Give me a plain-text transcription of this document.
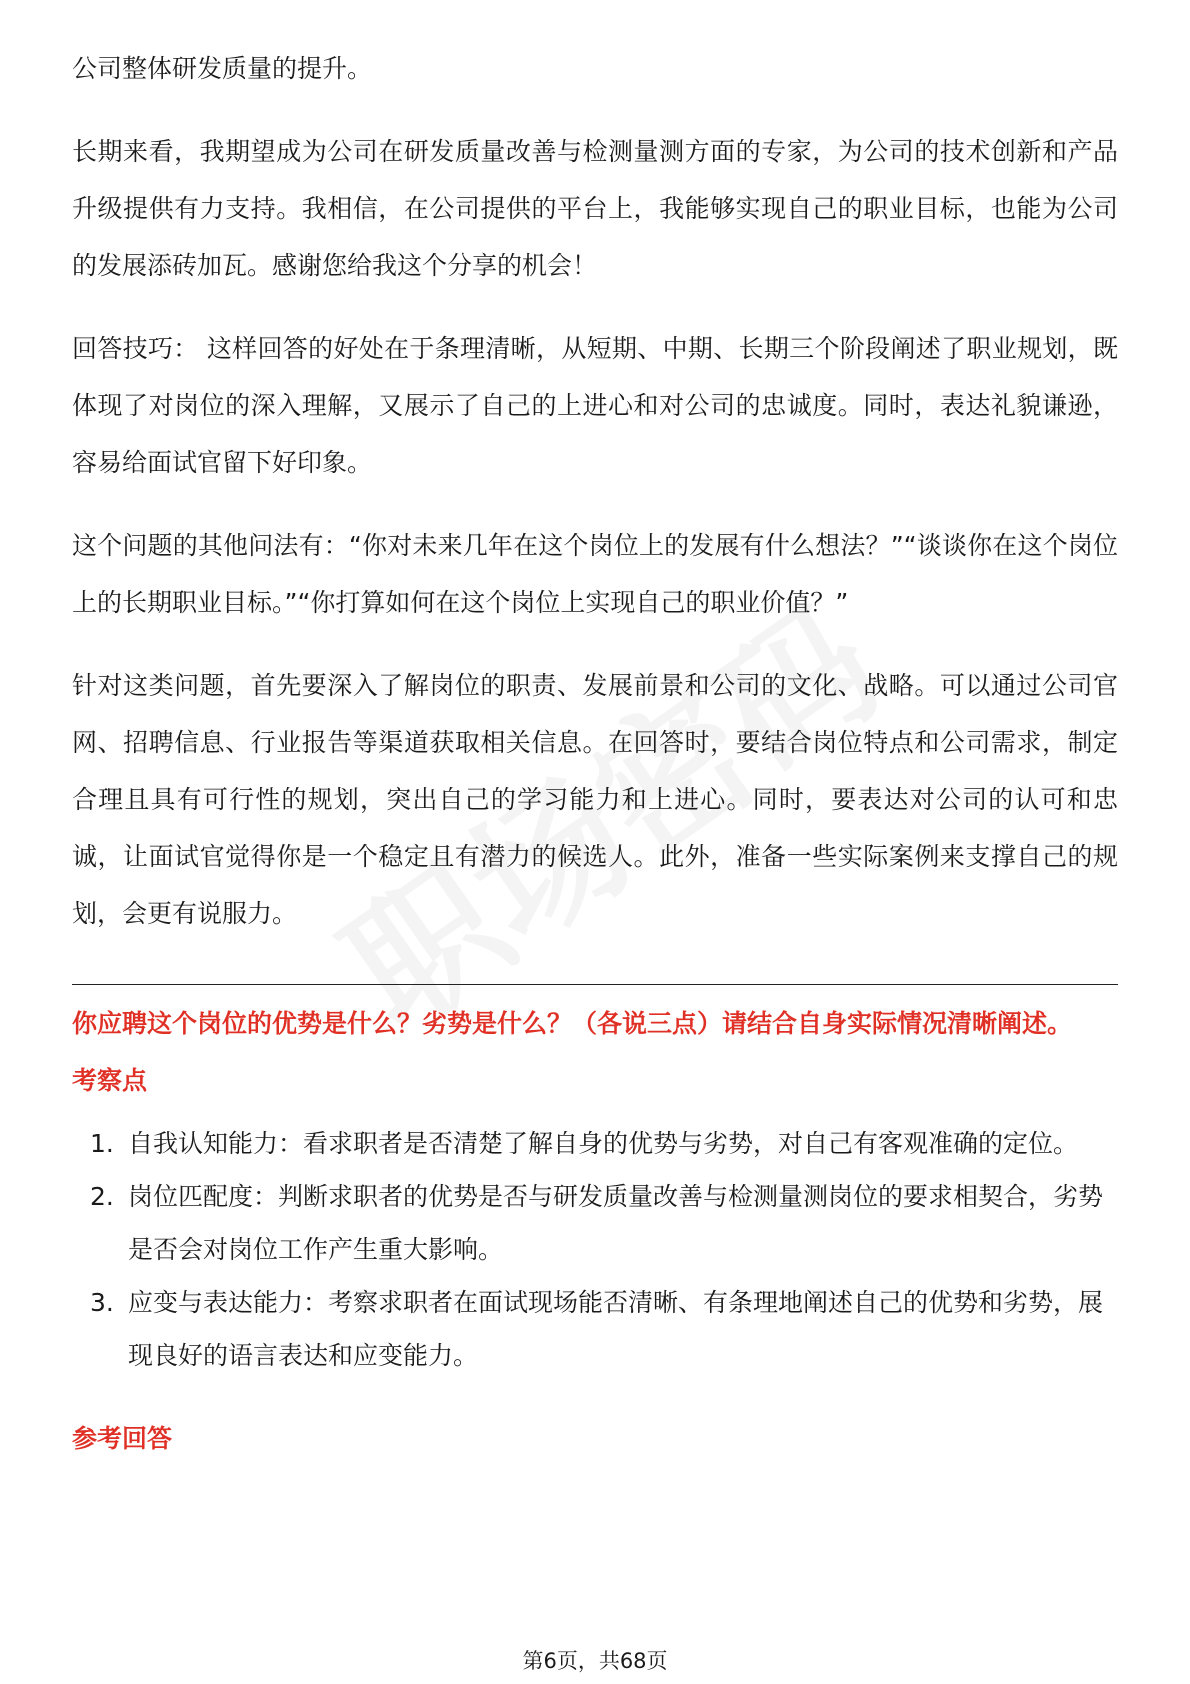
公司整体研发质量的提升。

长期来看，我期望成为公司在研发质量改善与检测量测方面的专家，为公司的技术创新和产品升级提供有力支持。我相信，在公司提供的平台上，我能够实现自己的职业目标，也能为公司的发展添砖加瓦。感谢您给我这个分享的机会！

回答技巧： 这样回答的好处在于条理清晰，从短期、中期、长期三个阶段阐述了职业规划，既体现了对岗位的深入理解，又展示了自己的上进心和对公司的忠诚度。同时，表达礼貌谦逊，容易给面试官留下好印象。

这个问题的其他问法有：“你对未来几年在这个岗位上的发展有什么想法？”“谈谈你在这个岗位上的长期职业目标。”“你打算如何在这个岗位上实现自己的职业价值？”

针对这类问题，首先要深入了解岗位的职责、发展前景和公司的文化、战略。可以通过公司官网、招聘信息、行业报告等渠道获取相关信息。在回答时，要结合岗位特点和公司需求，制定合理且具有可行性的规划，突出自己的学习能力和上进心。同时，要表达对公司的认可和忠诚，让面试官觉得你是一个稳定且有潜力的候选人。此外，准备一些实际案例来支撑自己的规划，会更有说服力。

你应聘这个岗位的优势是什么？劣势是什么？（各说三点）请结合自身实际情况清晰阐述。

考察点

1. 自我认知能力：看求职者是否清楚了解自身的优势与劣势，对自己有客观准确的定位。
2. 岗位匹配度：判断求职者的优势是否与研发质量改善与检测量测岗位的要求相契合，劣势是否会对岗位工作产生重大影响。
3. 应变与表达能力：考察求职者在面试现场能否清晰、有条理地阐述自己的优势和劣势，展现良好的语言表达和应变能力。

参考回答

第6页，共68页
